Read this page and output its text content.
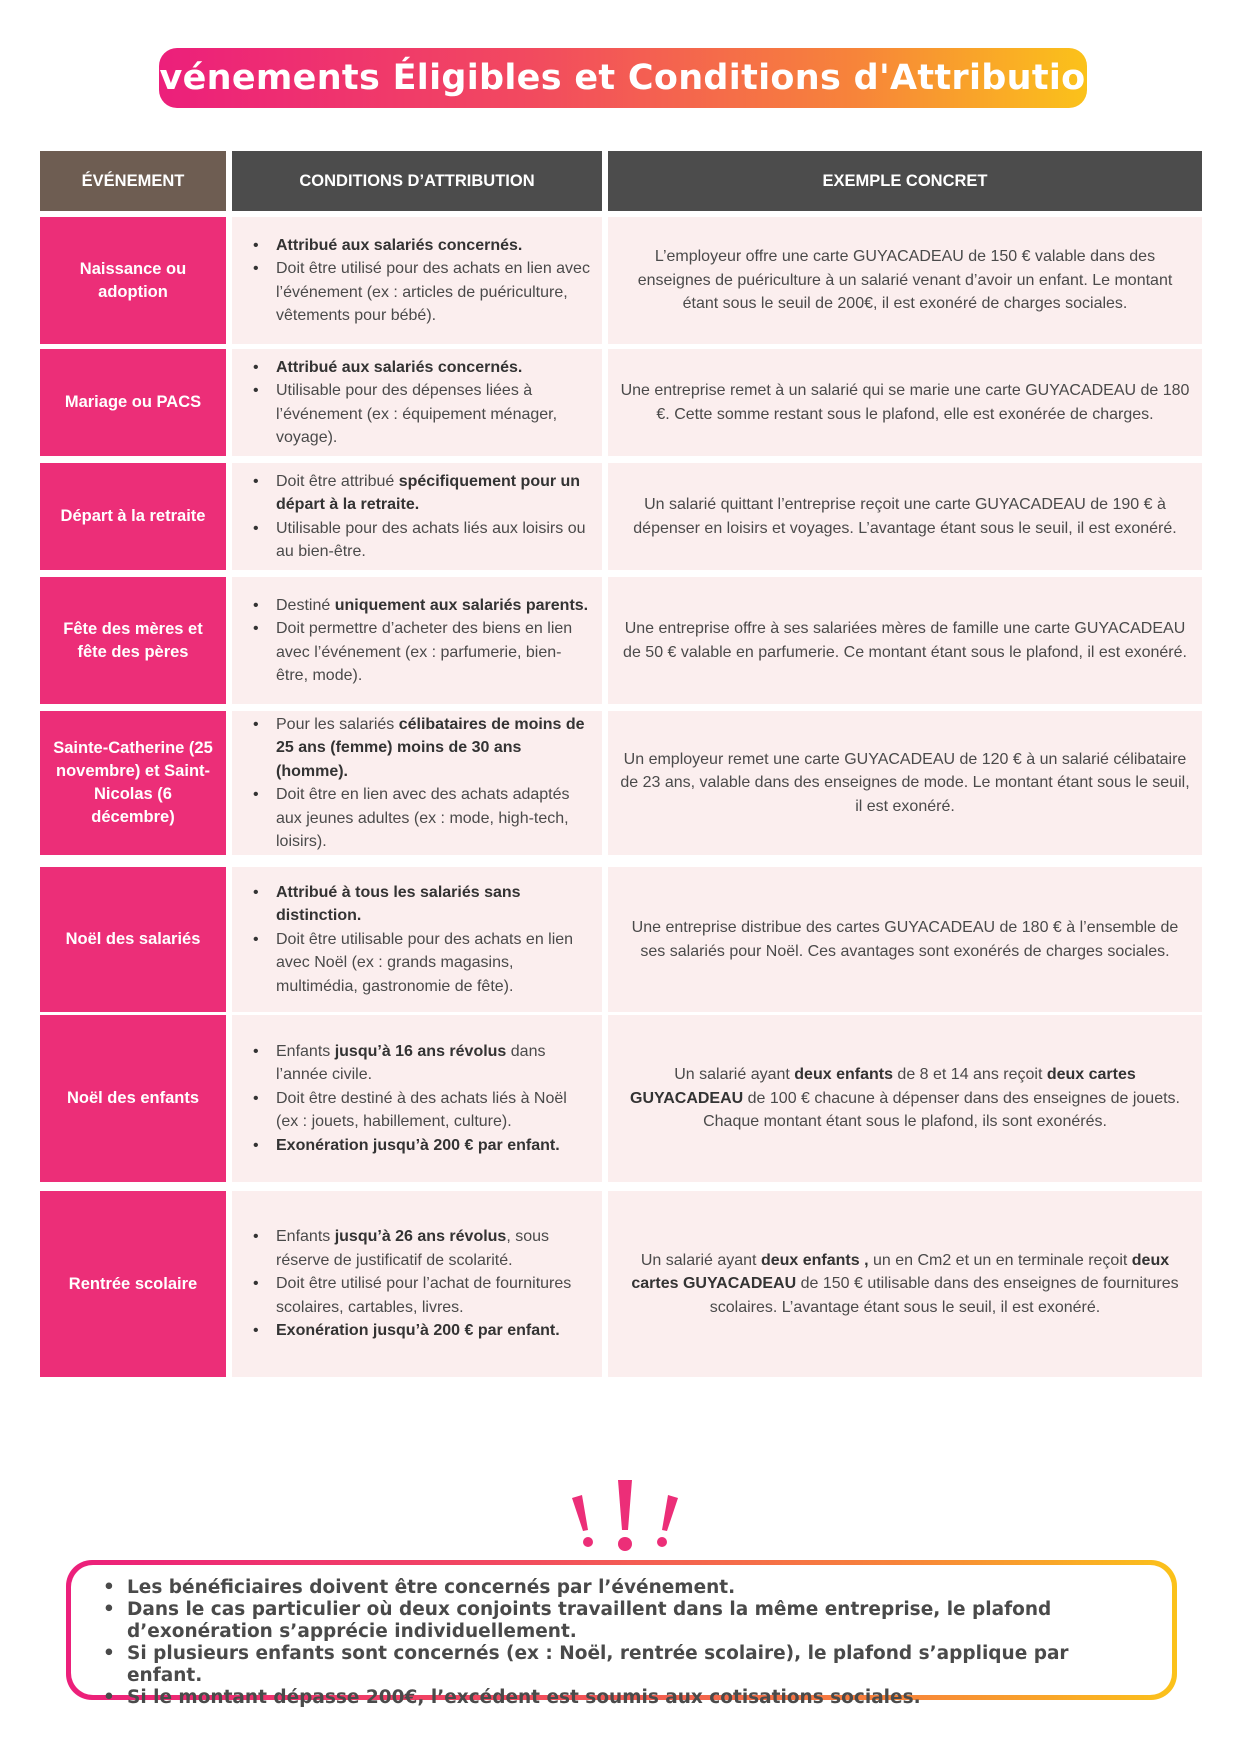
Événements Éligibles et Conditions d'Attribution
ÉVÉNEMENT	CONDITIONS D’ATTRIBUTION	EXEMPLE CONCRET
Naissance ou adoption
• Attribué aux salariés concernés.
• Doit être utilisé pour des achats en lien avec l’événement (ex : articles de puériculture, vêtements pour bébé).
L’employeur offre une carte GUYACADEAU de 150 € valable dans des enseignes de puériculture à un salarié venant d’avoir un enfant. Le montant étant sous le seuil de 200€, il est exonéré de charges sociales.
Mariage ou PACS
• Attribué aux salariés concernés.
• Utilisable pour des dépenses liées à l’événement (ex : équipement ménager, voyage).
Une entreprise remet à un salarié qui se marie une carte GUYACADEAU de 180 €. Cette somme restant sous le plafond, elle est exonérée de charges.
Départ à la retraite
• Doit être attribué spécifiquement pour un départ à la retraite.
• Utilisable pour des achats liés aux loisirs ou au bien-être.
Un salarié quittant l’entreprise reçoit une carte GUYACADEAU de 190 € à dépenser en loisirs et voyages. L’avantage étant sous le seuil, il est exonéré.
Fête des mères et fête des pères
• Destiné uniquement aux salariés parents.
• Doit permettre d’acheter des biens en lien avec l’événement (ex : parfumerie, bien-être, mode).
Une entreprise offre à ses salariées mères de famille une carte GUYACADEAU de 50 € valable en parfumerie. Ce montant étant sous le plafond, il est exonéré.
Sainte-Catherine (25 novembre) et Saint-Nicolas (6 décembre)
• Pour les salariés célibataires de moins de 25 ans (femme) moins de 30 ans (homme).
• Doit être en lien avec des achats adaptés aux jeunes adultes (ex : mode, high-tech, loisirs).
Un employeur remet une carte GUYACADEAU de 120 € à un salarié célibataire de 23 ans, valable dans des enseignes de mode. Le montant étant sous le seuil, il est exonéré.
Noël des salariés
• Attribué à tous les salariés sans distinction.
• Doit être utilisable pour des achats en lien avec Noël (ex : grands magasins, multimédia, gastronomie de fête).
Une entreprise distribue des cartes GUYACADEAU de 180 € à l’ensemble de ses salariés pour Noël. Ces avantages sont exonérés de charges sociales.
Noël des enfants
• Enfants jusqu’à 16 ans révolus dans l’année civile.
• Doit être destiné à des achats liés à Noël (ex : jouets, habillement, culture).
• Exonération jusqu’à 200 € par enfant.
Un salarié ayant deux enfants de 8 et 14 ans reçoit deux cartes GUYACADEAU de 100 € chacune à dépenser dans des enseignes de jouets. Chaque montant étant sous le plafond, ils sont exonérés.
Rentrée scolaire
• Enfants jusqu’à 26 ans révolus, sous réserve de justificatif de scolarité.
• Doit être utilisé pour l’achat de fournitures scolaires, cartables, livres.
• Exonération jusqu’à 200 € par enfant.
Un salarié ayant deux enfants , un en Cm2 et un en terminale reçoit deux cartes GUYACADEAU de 150 € utilisable dans des enseignes de fournitures scolaires. L’avantage étant sous le seuil, il est exonéré.
• Les bénéficiaires doivent être concernés par l’événement.
• Dans le cas particulier où deux conjoints travaillent dans la même entreprise, le plafond d’exonération s’apprécie individuellement.
• Si plusieurs enfants sont concernés (ex : Noël, rentrée scolaire), le plafond s’applique par enfant.
• Si le montant dépasse 200€, l’excédent est soumis aux cotisations sociales.
